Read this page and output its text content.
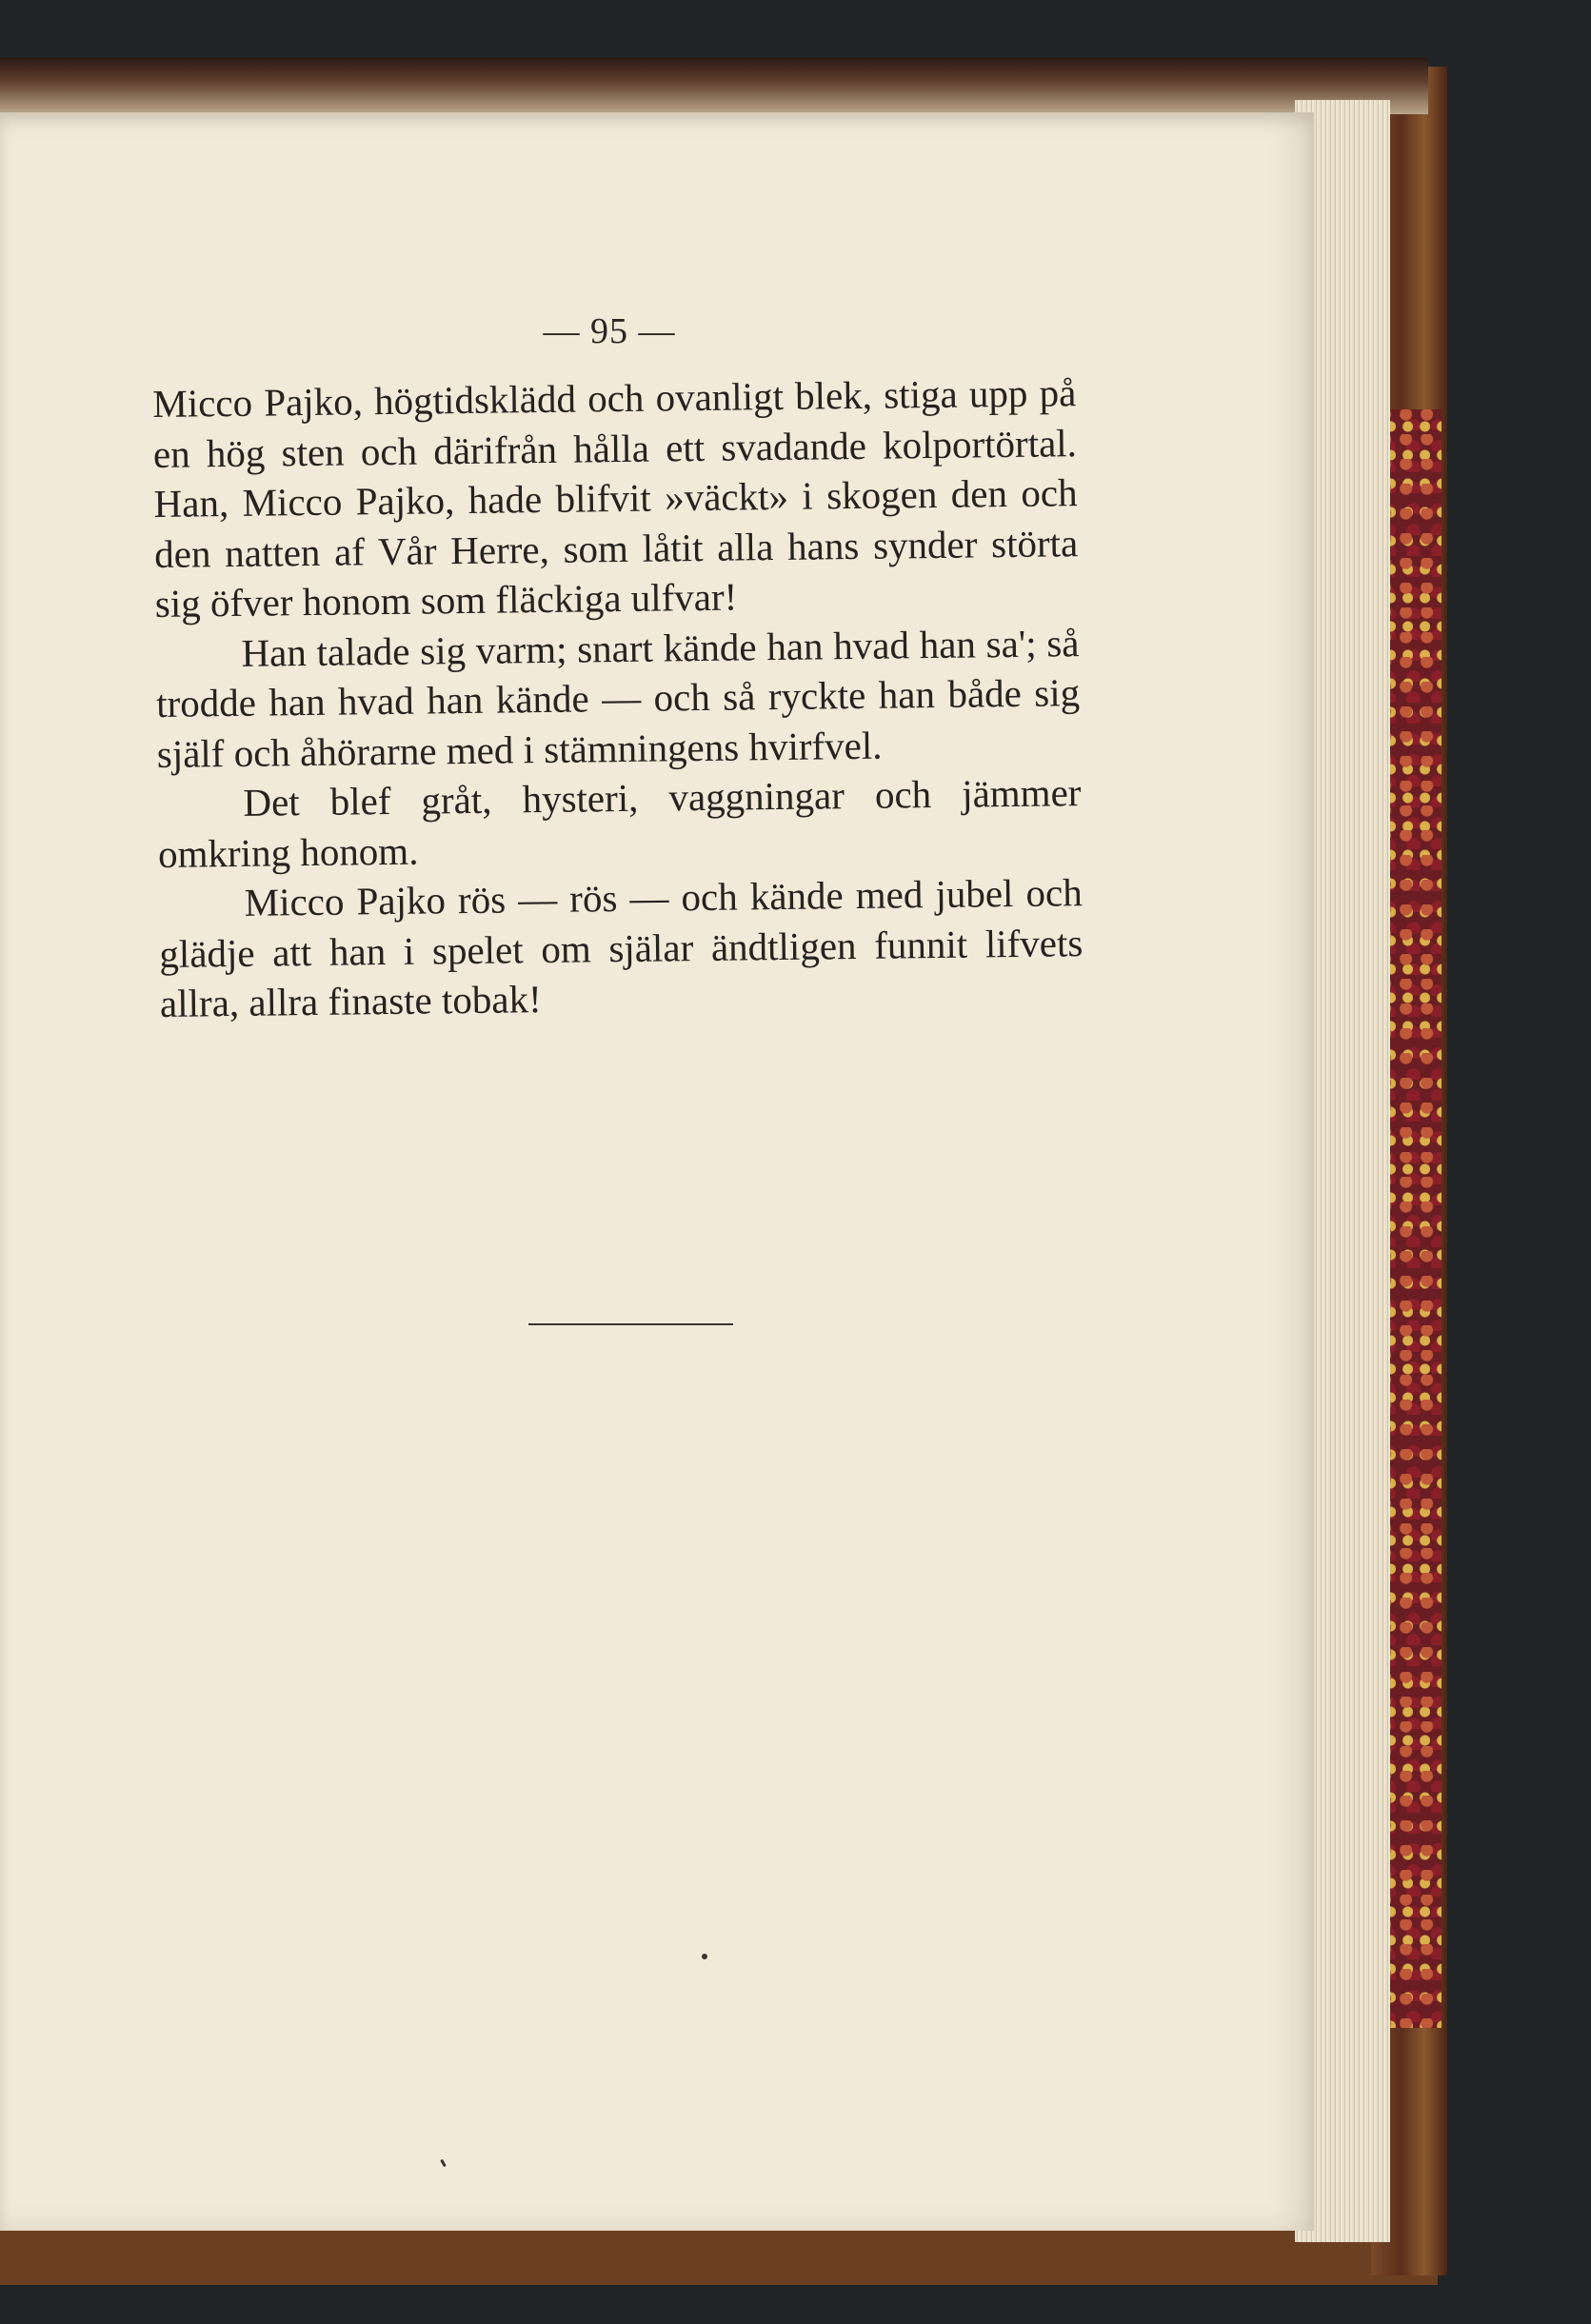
— 95 —

Micco Pajko, högtidsklädd och ovanligt blek, stiga upp på en hög sten och därifrån hålla ett svadande kolportörtal. Han, Micco Pajko, hade blifvit »väckt» i skogen den och den natten af Vår Herre, som låtit alla hans synder störta sig öfver honom som fläckiga ulfvar!

Han talade sig varm; snart kände han hvad han sa'; så trodde han hvad han kände — och så ryckte han både sig själf och åhörarne med i stämningens hvirfvel.

Det blef gråt, hysteri, vaggningar och jämmer omkring honom.

Micco Pajko rös — rös — och kände med jubel och glädje att han i spelet om själar ändtligen funnit lifvets allra, allra finaste tobak!
